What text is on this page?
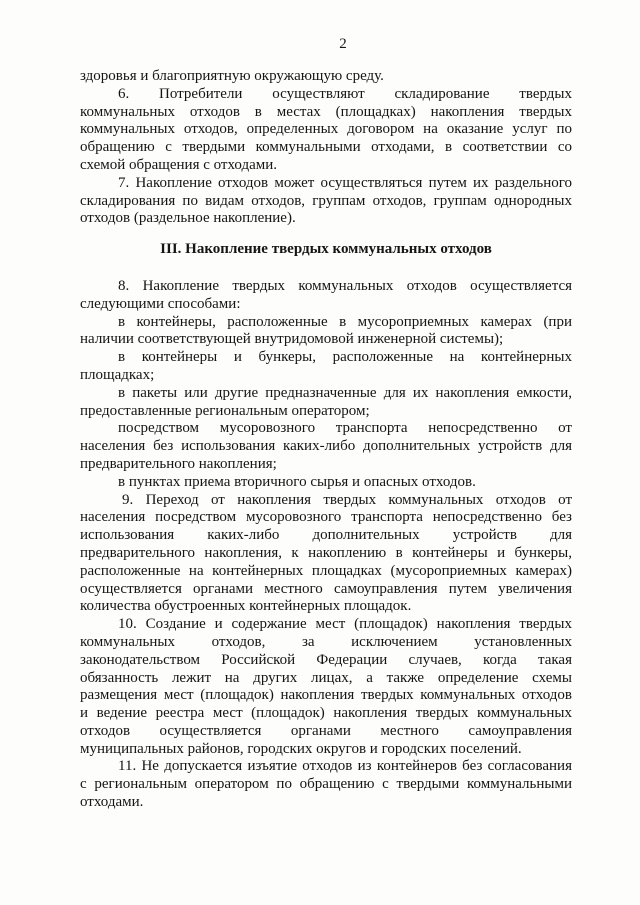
2
здоровья и благоприятную окружающую среду.
6. Потребители осуществляют складирование твердых
коммунальных отходов в местах (площадках) накопления твердых
коммунальных отходов, определенных договором на оказание услуг по
обращению с твердыми коммунальными отходами, в соответствии со
схемой обращения с отходами.
7. Накопление отходов может осуществляться путем их раздельного
складирования по видам отходов, группам отходов, группам однородных
отходов (раздельное накопление).
III. Накопление твердых коммунальных отходов
8. Накопление твердых коммунальных отходов осуществляется
следующими способами:
в контейнеры, расположенные в мусороприемных камерах (при
наличии соответствующей внутридомовой инженерной системы);
в контейнеры и бункеры, расположенные на контейнерных
площадках;
в пакеты или другие предназначенные для их накопления емкости,
предоставленные региональным оператором;
посредством мусоровозного транспорта непосредственно от
населения без использования каких-либо дополнительных устройств для
предварительного накопления;
в пунктах приема вторичного сырья и опасных отходов.
9. Переход от накопления твердых коммунальных отходов от
населения посредством мусоровозного транспорта непосредственно без
использования каких-либо дополнительных устройств для
предварительного накопления, к накоплению в контейнеры и бункеры,
расположенные на контейнерных площадках (мусороприемных камерах)
осуществляется органами местного самоуправления путем увеличения
количества обустроенных контейнерных площадок.
10. Создание и содержание мест (площадок) накопления твердых
коммунальных отходов, за исключением установленных
законодательством Российской Федерации случаев, когда такая
обязанность лежит на других лицах, а также определение схемы
размещения мест (площадок) накопления твердых коммунальных отходов
и ведение реестра мест (площадок) накопления твердых коммунальных
отходов осуществляется органами местного самоуправления
муниципальных районов, городских округов и городских поселений.
11. Не допускается изъятие отходов из контейнеров без согласования
с региональным оператором по обращению с твердыми коммунальными
отходами.
